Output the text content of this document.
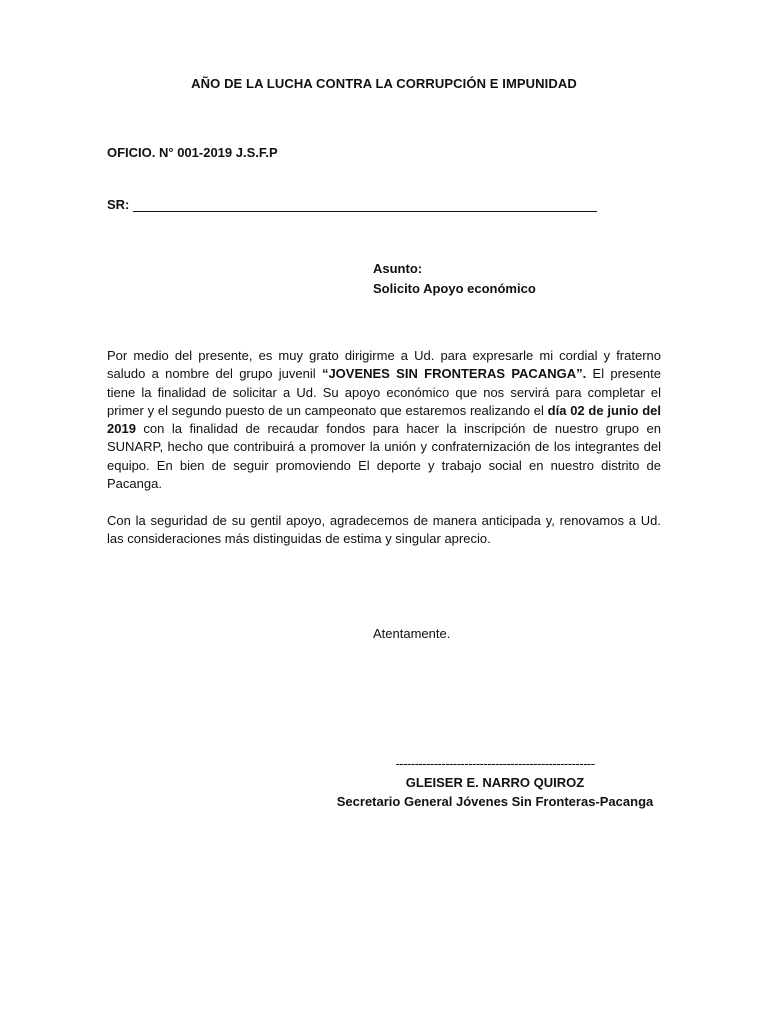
AÑO DE LA LUCHA CONTRA LA CORRUPCIÓN E IMPUNIDAD
OFICIO. N° 001-2019 J.S.F.P
SR:
Asunto:
Solicito Apoyo económico
Por medio del presente, es muy grato dirigirme a Ud. para expresarle mi cordial y fraterno saludo a nombre del grupo juvenil “JOVENES SIN FRONTERAS PACANGA”. El presente tiene la finalidad de solicitar a Ud. Su apoyo económico que nos servirá para completar el primer y el segundo puesto de un campeonato que estaremos realizando el día 02 de junio del 2019 con la finalidad de recaudar fondos para hacer la inscripción de nuestro grupo en SUNARP, hecho que contribuirá a promover la unión y confraternización de los integrantes del equipo. En bien de seguir promoviendo El deporte y trabajo social en nuestro distrito de Pacanga.
Con la seguridad de su gentil apoyo, agradecemos de manera anticipada y, renovamos a Ud. las consideraciones más distinguidas de estima y singular aprecio.
Atentamente.
----------------------------------------------------
GLEISER E. NARRO QUIROZ
Secretario General Jóvenes Sin Fronteras-Pacanga
